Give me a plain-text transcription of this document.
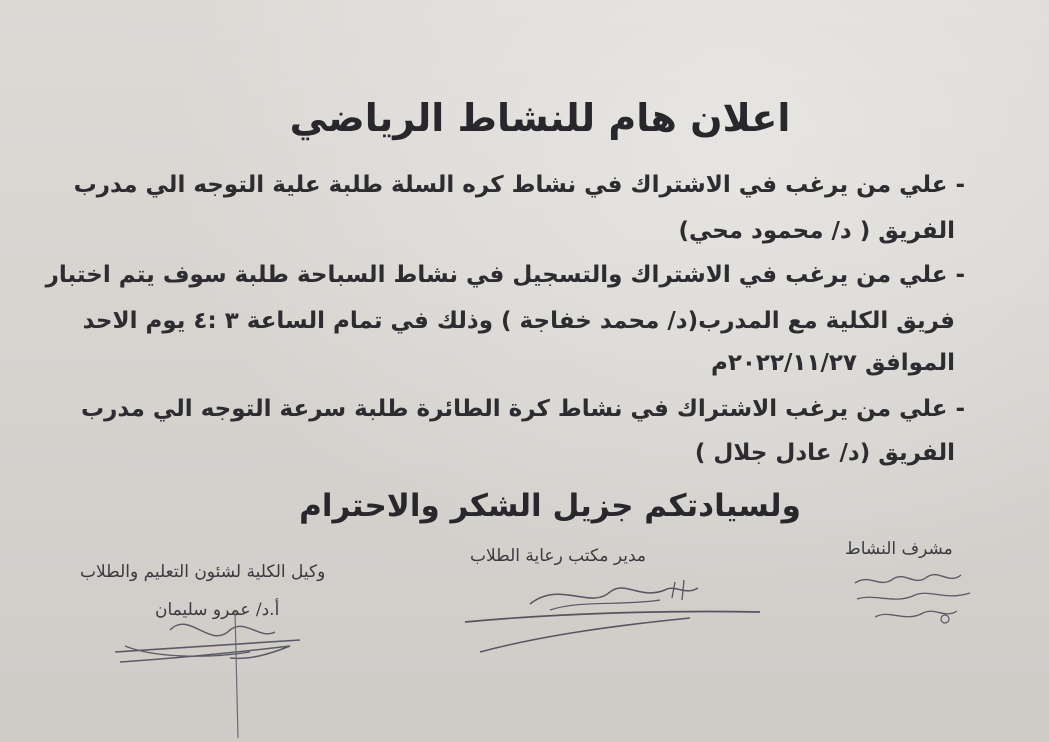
اعلان هام للنشاط الرياضي
- علي من يرغب في الاشتراك في نشاط كره السلة طلبة علية التوجه الي مدرب
الفريق ( د/ محمود محي)
- علي من يرغب في الاشتراك والتسجيل في نشاط السباحة طلبة سوف يتم اختبار
فريق الكلية مع المدرب(د/ محمد خفاجة ) وذلك في تمام الساعة ٣ :٤ يوم الاحد
الموافق ٢٠٢٢/١١/٢٧م
- علي من يرغب الاشتراك في نشاط كرة الطائرة طلبة سرعة التوجه الي مدرب
الفريق (د/ عادل جلال )
ولسيادتكم جزيل الشكر والاحترام
وكيل الكلية لشئون التعليم والطلاب
أ.د/ عمرو سليمان
مدير مكتب رعاية الطلاب	مشرف النشاط
